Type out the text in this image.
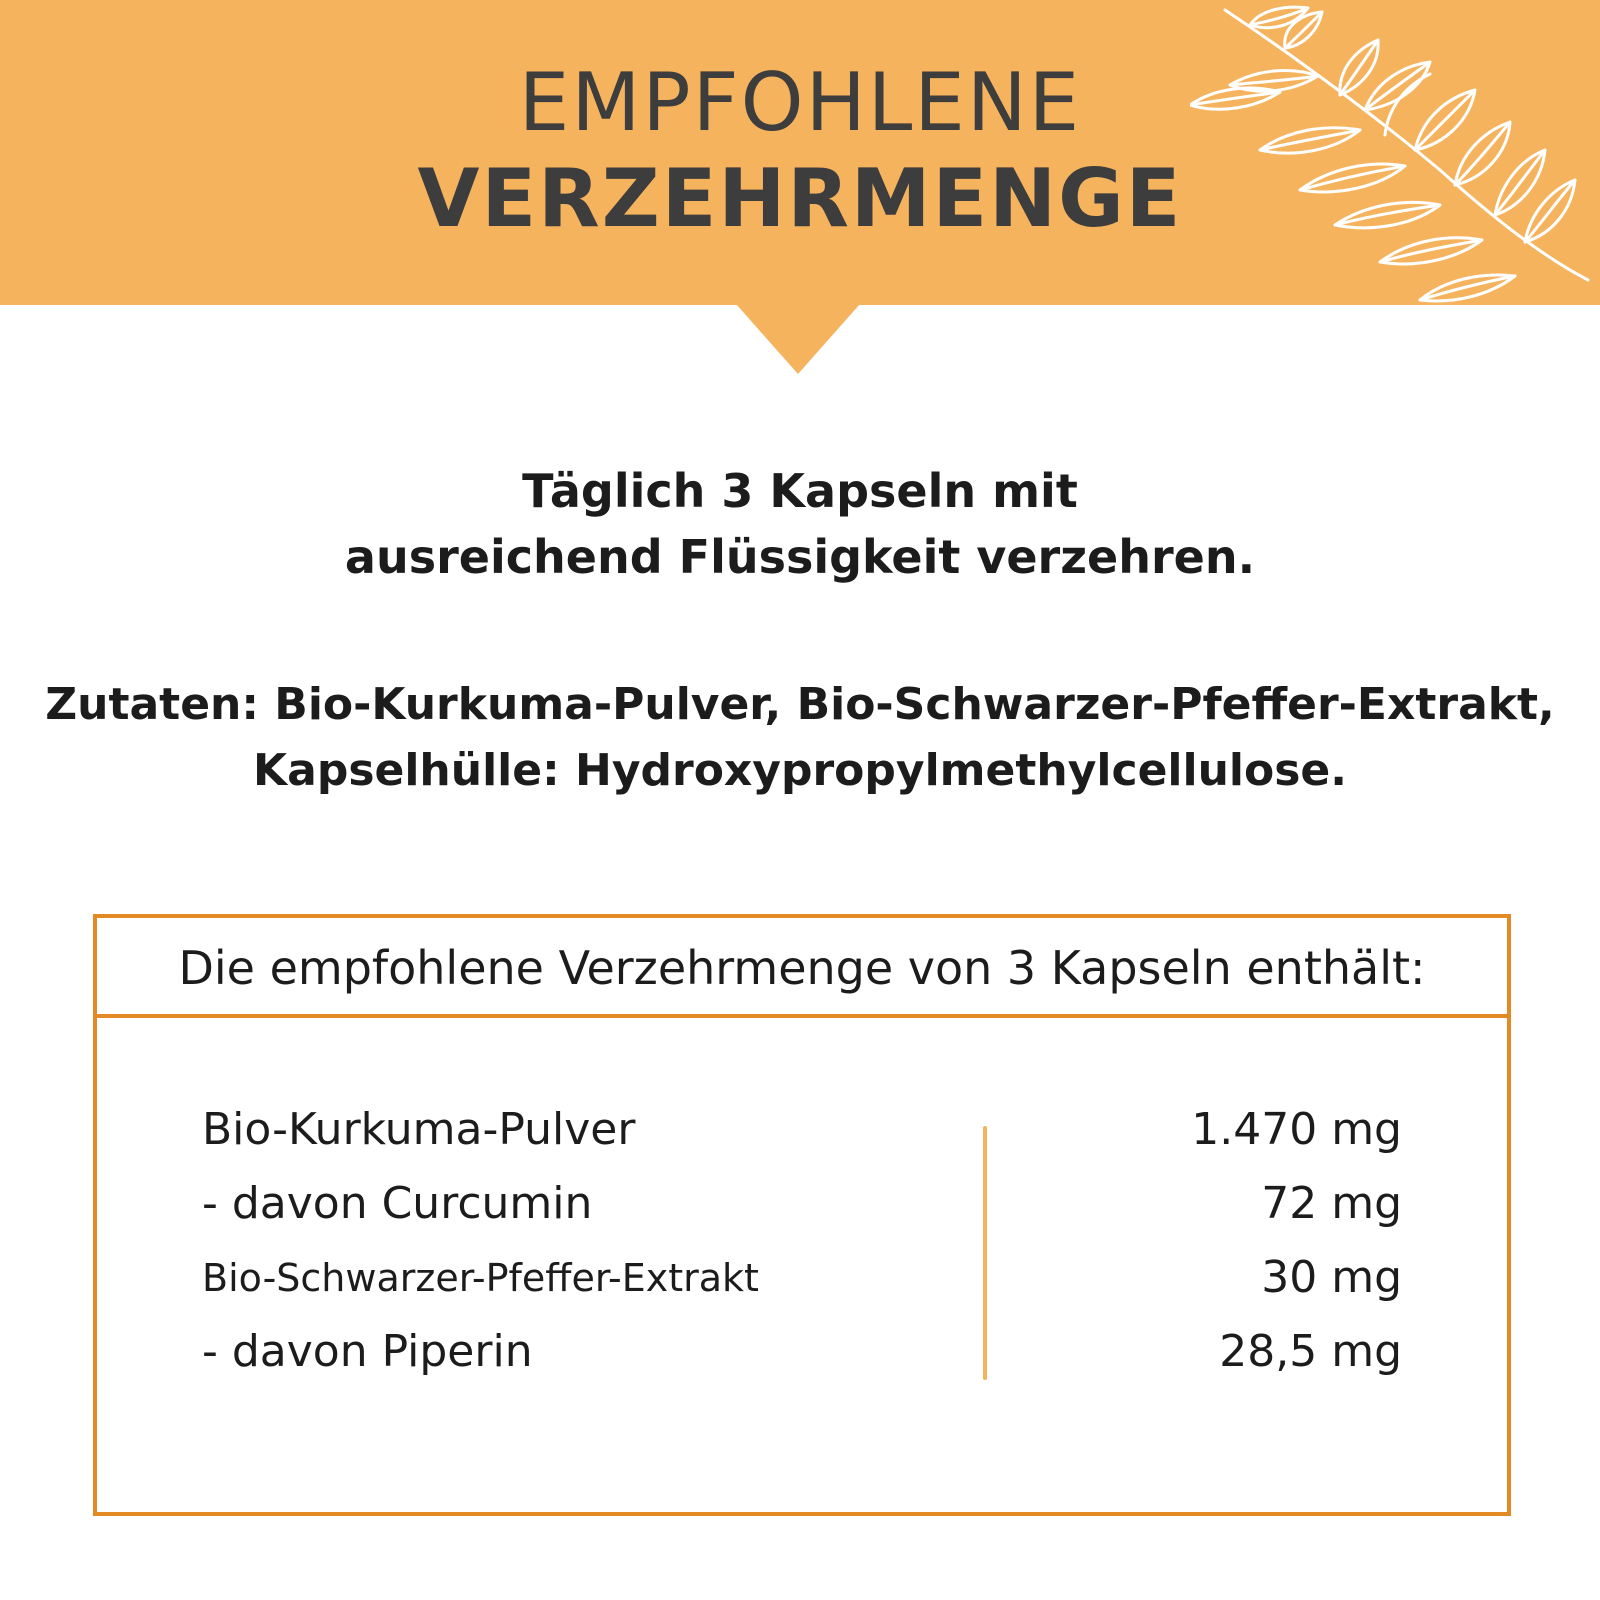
EMPFOHLENE
VERZEHRMENGE
Täglich 3 Kapseln mit
ausreichend Flüssigkeit verzehren.
Zutaten: Bio-Kurkuma-Pulver, Bio-Schwarzer-Pfeffer-Extrakt,
Kapselhülle: Hydroxypropylmethylcellulose.
Die empfohlene Verzehrmenge von 3 Kapseln enthält:
Bio-Kurkuma-Pulver	1.470 mg
- davon Curcumin	72 mg
Bio-Schwarzer-Pfeffer-Extrakt	30 mg
- davon Piperin	28,5 mg
